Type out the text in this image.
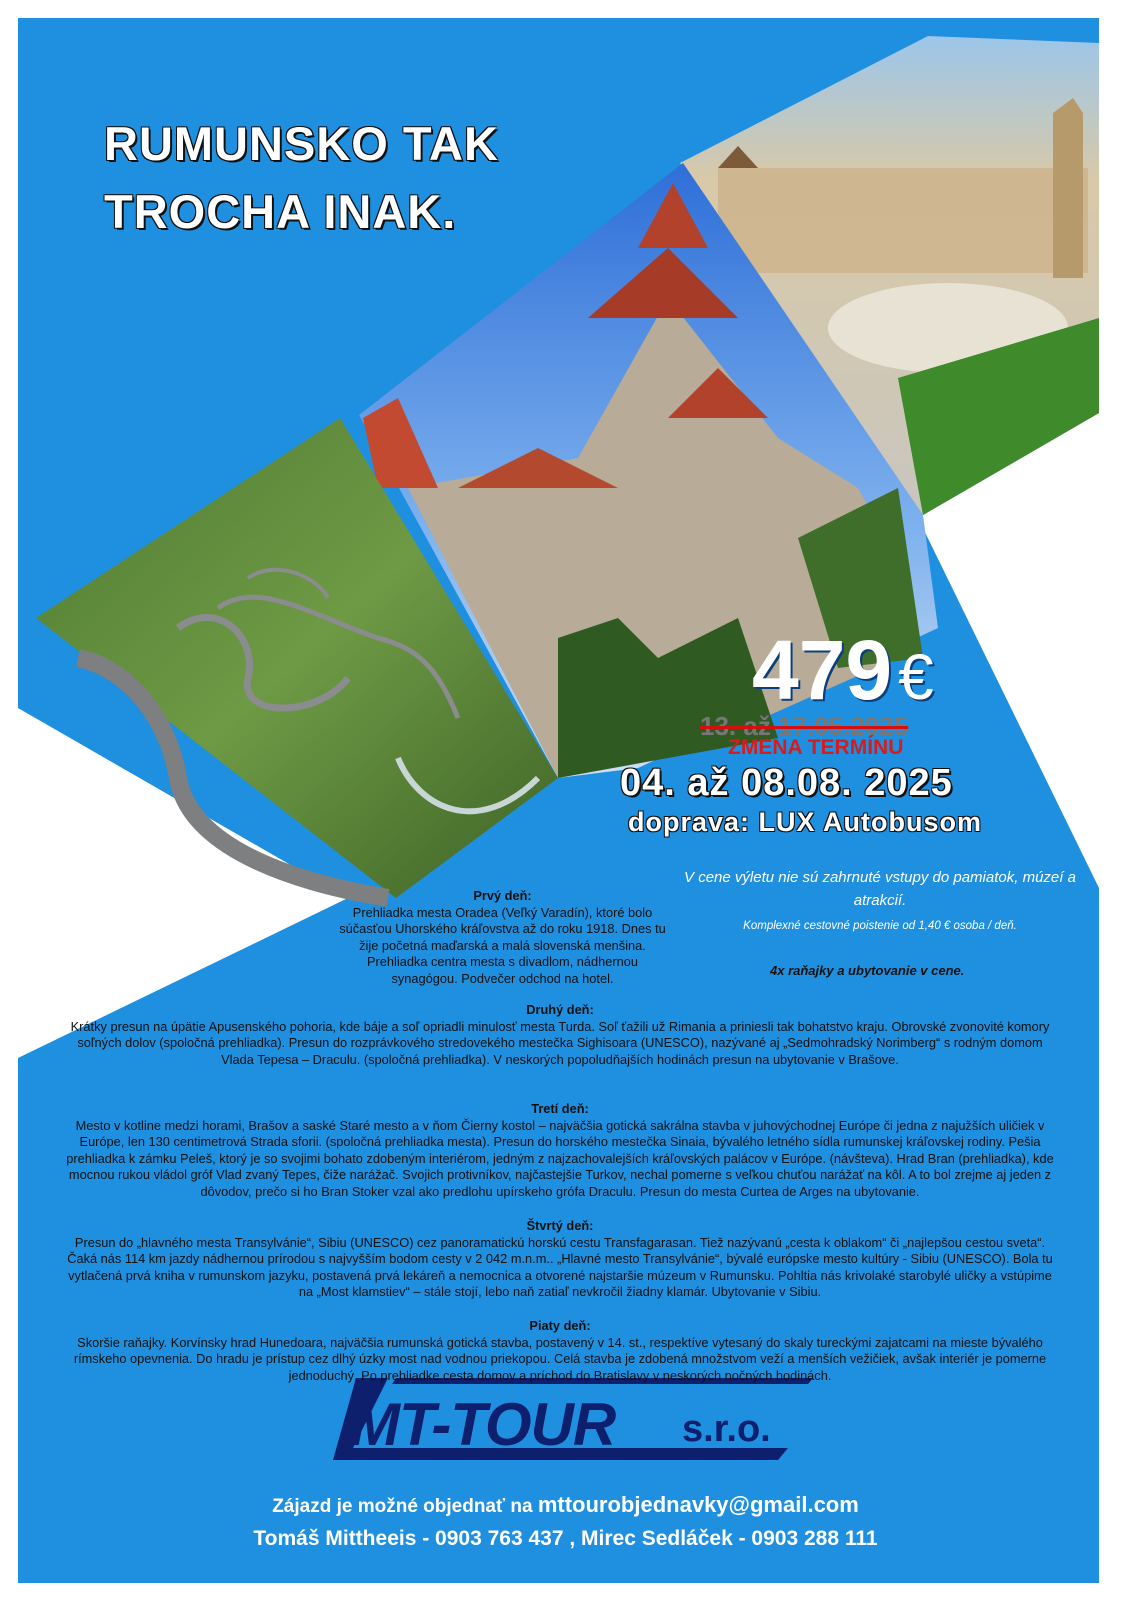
RUMUNSKO TAK
TROCHA INAK.
479€
13. až 17.05.2025
ZMENA TERMÍNU
04. až 08.08. 2025
doprava: LUX Autobusom
V cene výletu nie sú zahrnuté vstupy do pamiatok, múzeí a atrakcií.
Komplexné cestovné poistenie od 1,40 € osoba / deň.
4x raňajky a ubytovanie v cene.
Prvý deň:

Prehliadka mesta Oradea (Veľký Varadín), ktoré bolo súčasťou Uhorského kráľovstva až do roku 1918. Dnes tu žije početná maďarská a malá slovenská menšina. Prehliadka centra mesta s divadlom, nádhernou synagógou. Podvečer odchod na hotel.

Druhý deň:

Krátky presun na úpätie Apusenského pohoria, kde báje a soľ opriadli minulosť mesta Turda. Soľ ťažili už Rimania a priniesli tak bohatstvo kraju. Obrovské zvonovité komory soľných dolov (spoločná prehliadka). Presun do rozprávkového stredovekého mestečka Sighisoara (UNESCO), nazývané aj „Sedmohradský Norimberg“ s rodným domom Vlada Tepesa – Draculu. (spoločná prehliadka). V neskorých popoludňajších hodinách presun na ubytovanie v Brašove.

Tretí deň:

Mesto v kotline medzi horami, Brašov a saské Staré mesto a v ňom Čierny kostol – najväčšia gotická sakrálna stavba v juhovýchodnej Európe či jedna z najužších uličiek v Európe, len 130 centimetrová Strada sforii. (spoločná prehliadka mesta). Presun do horského mestečka Sinaia, bývalého letného sídla rumunskej kráľovskej rodiny. Pešia prehliadka k zámku Peleš, ktorý je so svojimi bohato zdobeným interiérom, jedným z najzachovalejších kráľovských palácov v Európe. (návšteva). Hrad Bran (prehliadka), kde mocnou rukou vládol gróf Vlad zvaný Tepes, čiže narážač. Svojich protivníkov, najčastejšie Turkov, nechal pomerne s veľkou chuťou narážať na kôl. A to bol zrejme aj jeden z dôvodov, prečo si ho Bran Stoker vzal ako predlohu upírskeho grófa Draculu. Presun do mesta Curtea de Arges na ubytovanie.

Štvrtý deň:

Presun do „hlavného mesta Transylvánie“, Sibiu (UNESCO) cez panoramatickú horskú cestu Transfagarasan. Tiež nazývanú „cesta k oblakom“ či „najlepšou cestou sveta“. Čaká nás 114 km jazdy nádhernou prírodou s najvyšším bodom cesty v 2 042 m.n.m.. „Hlavné mesto Transylvánie“, bývalé európske mesto kultúry - Sibiu (UNESCO). Bola tu vytlačená prvá kniha v rumunskom jazyku, postavená prvá lekáreň a nemocnica a otvorené najstaršie múzeum v Rumunsku. Pohltia nás krivolaké starobylé uličky a vstúpime na „Most klamstiev“ – stále stojí, lebo naň zatiaľ nevkročil žiadny klamár. Ubytovanie v Sibiu.

Piaty deň:

Skoršie raňajky. Korvínsky hrad Hunedoara, najväčšia rumunská gotická stavba, postavený v 14. st., respektíve vytesaný do skaly tureckými zajatcami na mieste bývalého rímskeho opevnenia. Do hradu je prístup cez dlhý úzky most nad vodnou priekopou. Celá stavba je zdobená množstvom veží a menších vežičiek, avšak interiér je pomerne jednoduchý. Po prehliadke cesta domov a príchod do Bratislavy v neskorých nočných hodinách.

MT-TOUR s.r.o.
Zájazd je možné objednať na mttourobjednavky@gmail.com
Tomáš Mittheeis - 0903 763 437 , Mirec Sedláček - 0903 288 111
